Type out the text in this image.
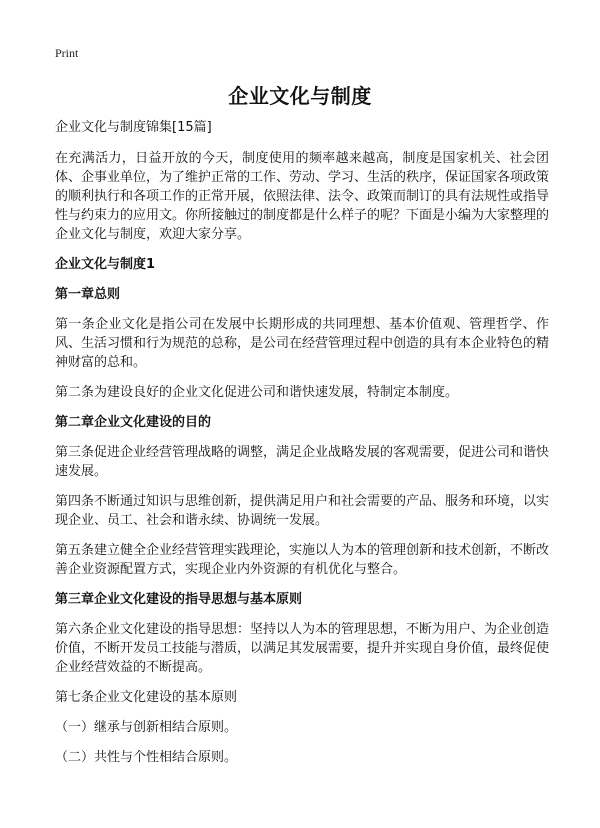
Print
企业文化与制度

企业文化与制度锦集[15篇]

在充满活力，日益开放的今天，制度使用的频率越来越高，制度是国家机关、社会团体、企事业单位，为了维护正常的工作、劳动、学习、生活的秩序，保证国家各项政策的顺利执行和各项工作的正常开展，依照法律、法令、政策而制订的具有法规性或指导性与约束力的应用文。你所接触过的制度都是什么样子的呢？下面是小编为大家整理的企业文化与制度，欢迎大家分享。

企业文化与制度1
第一章总则

第一条企业文化是指公司在发展中长期形成的共同理想、基本价值观、管理哲学、作风、生活习惯和行为规范的总称，是公司在经营管理过程中创造的具有本企业特色的精神财富的总和。

第二条为建设良好的企业文化促进公司和谐快速发展，特制定本制度。

第二章企业文化建设的目的

第三条促进企业经营管理战略的调整，满足企业战略发展的客观需要，促进公司和谐快速发展。

第四条不断通过知识与思维创新，提供满足用户和社会需要的产品、服务和环境，以实现企业、员工、社会和谐永续、协调统一发展。

第五条建立健全企业经营管理实践理论，实施以人为本的管理创新和技术创新，不断改善企业资源配置方式，实现企业内外资源的有机优化与整合。

第三章企业文化建设的指导思想与基本原则

第六条企业文化建设的指导思想：坚持以人为本的管理思想，不断为用户、为企业创造价值，不断开发员工技能与潜质，以满足其发展需要，提升并实现自身价值，最终促使企业经营效益的不断提高。

第七条企业文化建设的基本原则

（一）继承与创新相结合原则。

（二）共性与个性相结合原则。
